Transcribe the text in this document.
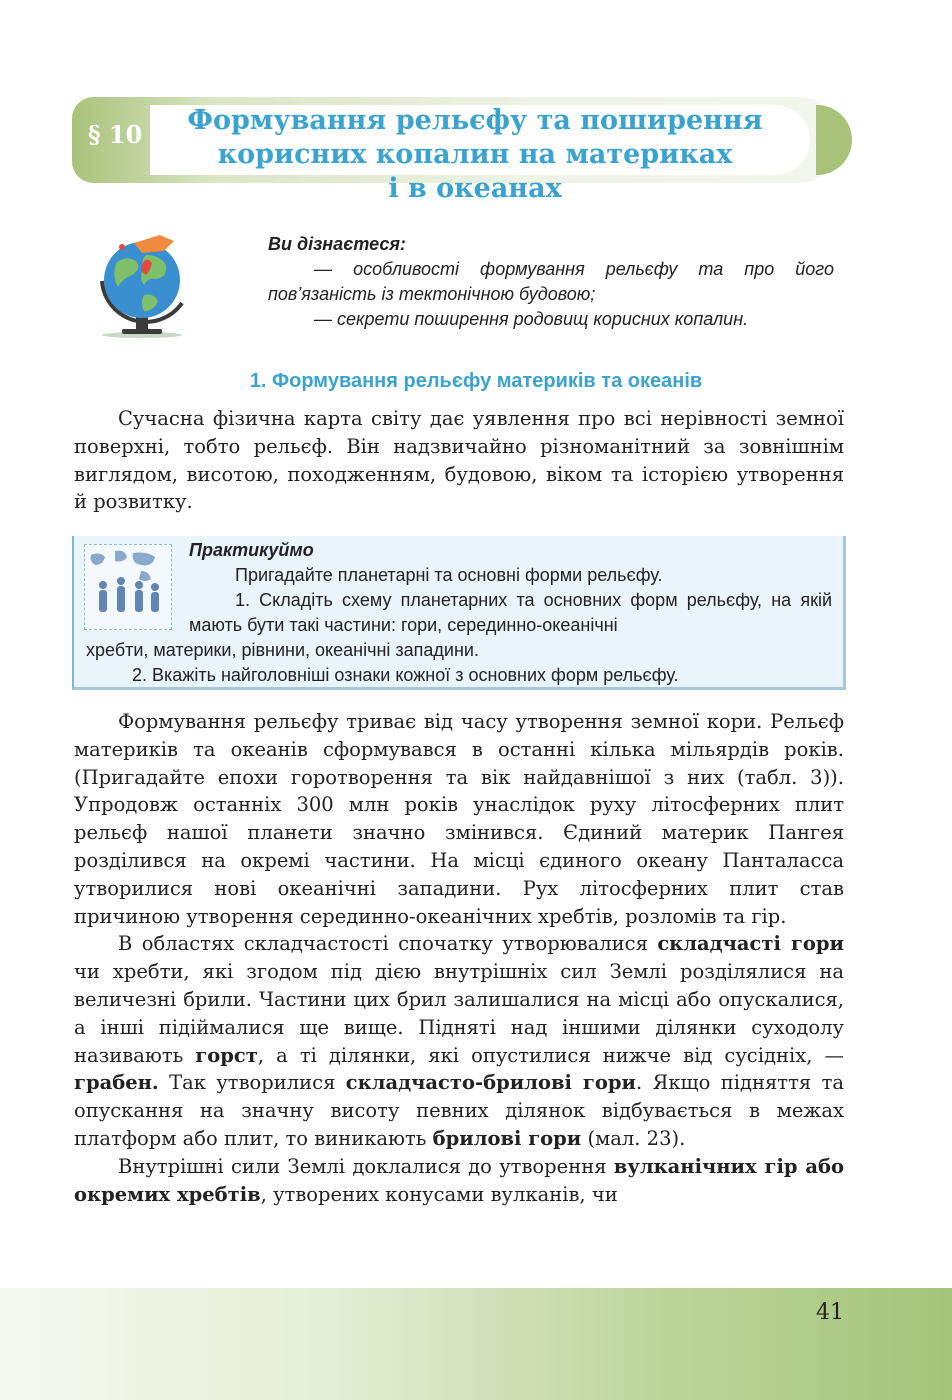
§ 10	Формування рельєфу та поширення
корисних копалин на материках
і в океанах
Ви дізнаєтеся:
— особливості формування рельєфу та про його пов’язаність із тектонічною будовою;
— секрети поширення родовищ корисних копалин.
1. Формування рельєфу материків та океанів

Сучасна фізична карта світу дає уявлення про всі нерівності земної поверхні, тобто рельєф. Він надзвичайно різноманітний за зовнішнім виглядом, висотою, походженням, будовою, віком та історією утворення й розвитку.

Практикуймо
Пригадайте планетарні та основні форми рельєфу.
1. Складіть схему планетарних та основних форм рельєфу, на якій мають бути такі частини: гори, серединно-океанічні
хребти, материки, рівнини, океанічні западини.
2. Вкажіть найголовніші ознаки кожної з основних форм рельєфу.

Формування рельєфу триває від часу утворення земної кори. Рельєф материків та океанів сформувався в останні кілька мільярдів років. (Пригадайте епохи горотворення та вік найдавнішої з них (табл. 3)). Упродовж останніх 300 млн років унаслідок руху літосферних плит рельєф нашої планети значно змінився. Єдиний материк Пангея розділився на окремі частини. На місці єдиного океану Панталасса утворилися нові океанічні западини. Рух літосферних плит став причиною утворення серединно-океанічних хребтів, розломів та гір.

В областях складчастості спочатку утворювалися складчасті гори чи хребти, які згодом під дією внутрішніх сил Землі розділялися на величезні брили. Частини цих брил залишалися на місці або опускалися, а інші підіймалися ще вище. Підняті над іншими ділянки суходолу називають горст, а ті ділянки, які опустилися нижче від сусідніх, — грабен. Так утворилися складчасто-брилові гори. Якщо підняття та опускання на значну висоту певних ділянок відбувається в межах платформ або плит, то виникають брилові гори (мал. 23).

Внутрішні сили Землі доклалися до утворення вулканічних гір або окремих хребтів, утворених конусами вулканів, чи

41
